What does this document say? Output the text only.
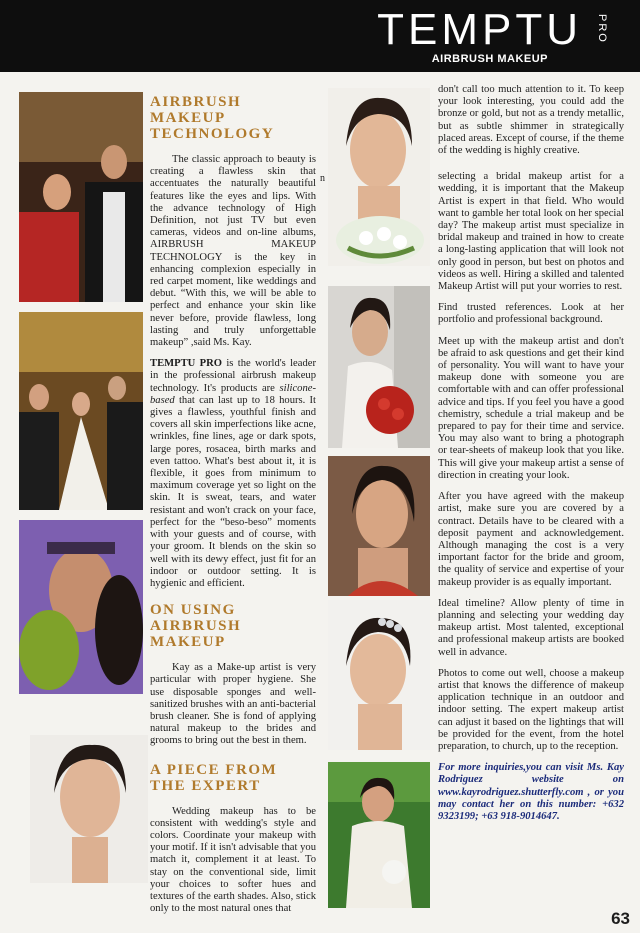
TEMPTU PRO
AIRBRUSH MAKEUP
AIRBRUSH MAKEUP TECHNOLOGY

The classic approach to beauty is creating a flawless skin that accentuates the naturally beautiful features like the eyes and lips. With the advance technology of High Definition, not just TV but even cameras, videos and on-line albums, AIRBRUSH MAKEUP TECHNOLOGY is the key in enhancing complexion especially in red carpet moment, like weddings and debut. “With this, we will be able to perfect and enhance your skin like never before, provide flawless, long lasting and truly unforgettable makeup” ,said Ms. Kay.

TEMPTU PRO is the world's leader in the professional airbrush makeup technology. It's products are silicone-based that can last up to 18 hours. It gives a flawless, youthful finish and covers all skin imperfections like acne, wrinkles, fine lines, age or dark spots, large pores, rosacea, birth marks and even tattoo. What's best about it, it is flexible, it goes from minimum to maximum coverage yet so light on the skin. It is sweat, tears, and water resistant and won't crack on your face, perfect for the “beso-beso” moments with your guests and of course, with your groom. It blends on the skin so well with its dewy effect, just fit for an indoor or outdoor setting. It is hygienic and efficient.

ON USING AIRBRUSH MAKEUP

Kay as a Make-up artist is very particular with proper hygiene. She use disposable sponges and well-sanitized brushes with an anti-bacterial brush cleaner. She is fond of applying natural makeup to the brides and grooms to bring out the best in them.

A PIECE FROM THE EXPERT

Wedding makeup has to be consistent with wedding's style and colors. Coordinate your makeup with your motif. If it isn't advisable that you match it, complement it at least. To stay on the conventional side, limit your choices to softer hues and textures of the earth shades. Also, stick only to the most natural ones that

n

don't call too much attention to it. To keep your look interesting, you could add the bronze or gold, but not as a trendy metallic, but as subtle shimmer in strategically placed areas. Except of course, if the theme of the wedding is highly creative.

selecting a bridal makeup artist for a wedding, it is important that the Makeup Artist is expert in that field. Who would want to gamble her total look on her special day? The makeup artist must specialize in bridal makeup and trained in how to create a long-lasting application that will look not only good in person, but best on photos and videos as well. Hiring a skilled and talented Makeup Artist will put your worries to rest.

Find trusted references. Look at her portfolio and professional background.

Meet up with the makeup artist and don't be afraid to ask questions and get their kind of personality. You will want to have your makeup done with someone you are comfortable with and can offer professional advice and tips. If you feel you have a good chemistry, schedule a trial makeup and be prepared to pay for their time and service. You may also want to bring a photograph or tear-sheets of makeup look that you like. This will give your makeup artist a sense of direction in creating your look.

After you have agreed with the makeup artist, make sure you are covered by a contract. Details have to be cleared with a deposit payment and acknowledgement. Although managing the cost is a very important factor for the bride and groom, the quality of service and expertise of your makeup provider is as equally important.

Ideal timeline? Allow plenty of time in planning and selecting your wedding day makeup artist. Most talented, exceptional and professional makeup artists are booked well in advance.

Photos to come out well, choose a makeup artist that knows the difference of makeup application technique in an outdoor and indoor setting. The expert makeup artist can adjust it based on the lightings that will be provided for the event, from the hotel preparation, to church, up to the reception.

For more inquiries,you can visit Ms. Kay Rodriguez website on www.kayrodriguez.shutterfly.com , or you may contact her on this number: +632 9323199; +63 918-9014647.

63
